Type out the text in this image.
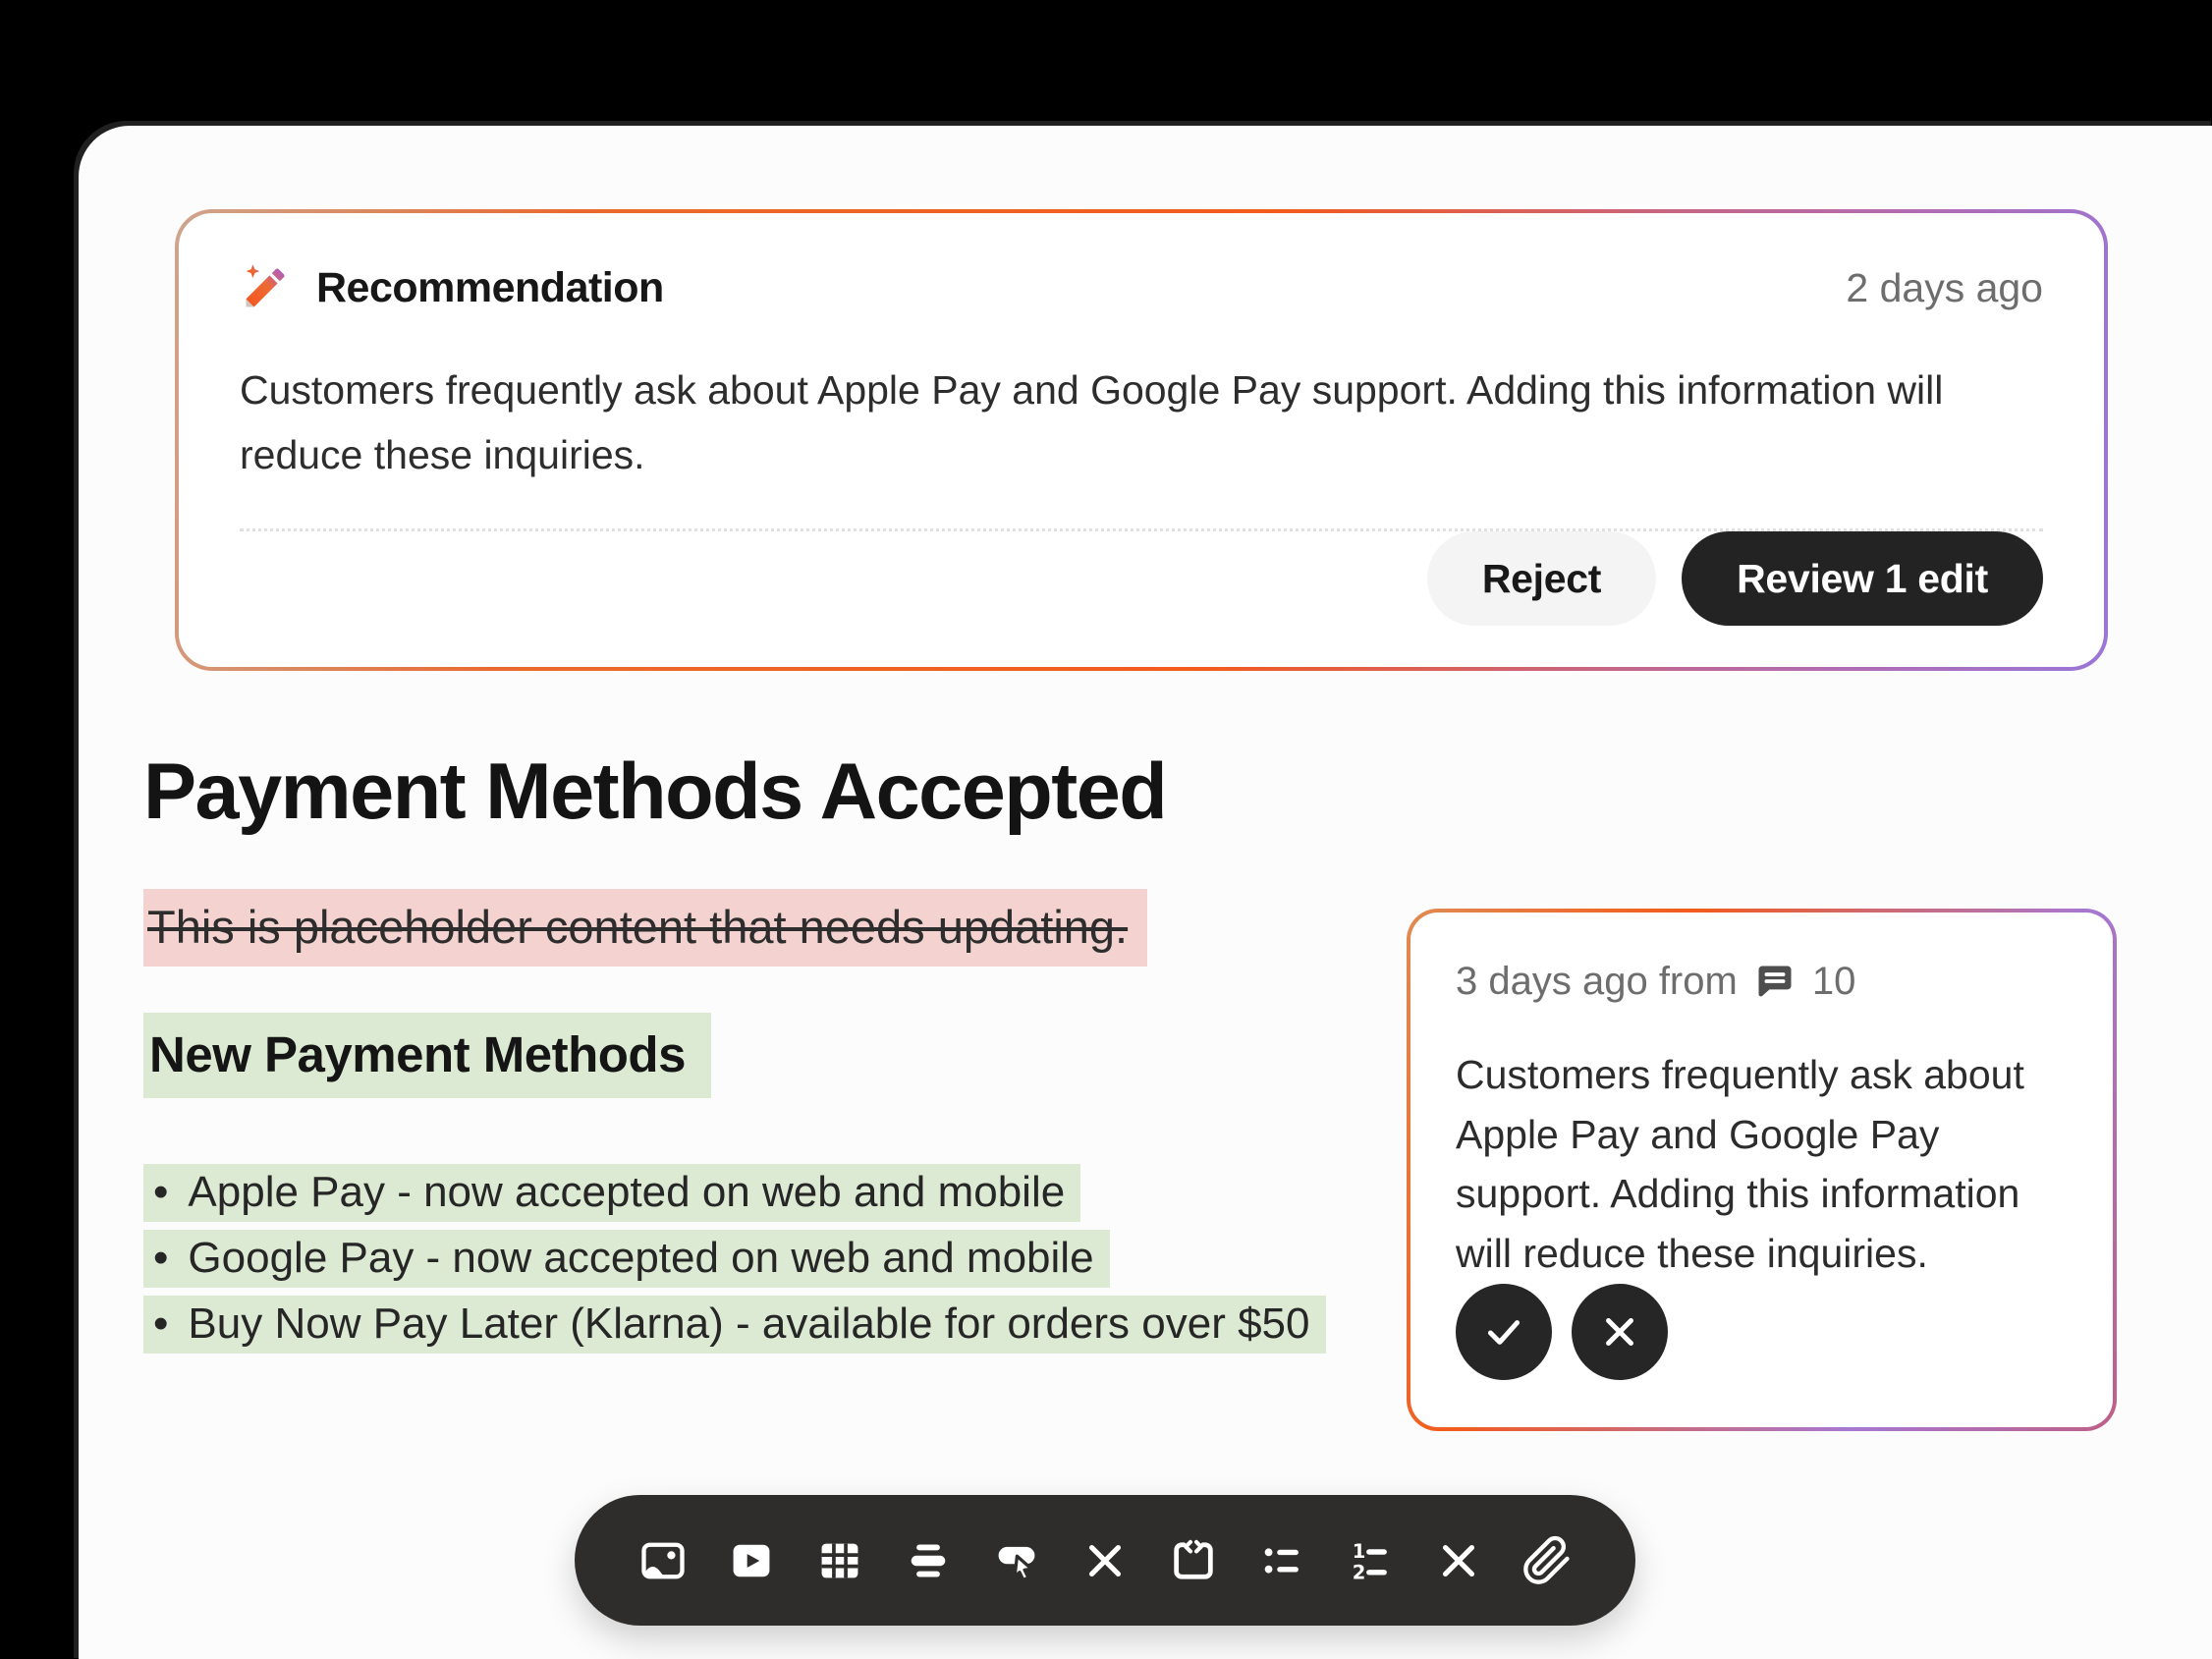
Recommendation	2 days ago
Customers frequently ask about Apple Pay and Google Pay support. Adding this information will reduce these inquiries.
Reject	Review 1 edit
Payment Methods Accepted

This is placeholder content that needs updating.

New Payment Methods
• Apple Pay - now accepted on web and mobile
• Google Pay - now accepted on web and mobile
• Buy Now Pay Later (Klarna) - available for orders over $50
3 days ago from 10
Customers frequently ask about Apple Pay and Google Pay support. Adding this information will reduce these inquiries.
1
2
